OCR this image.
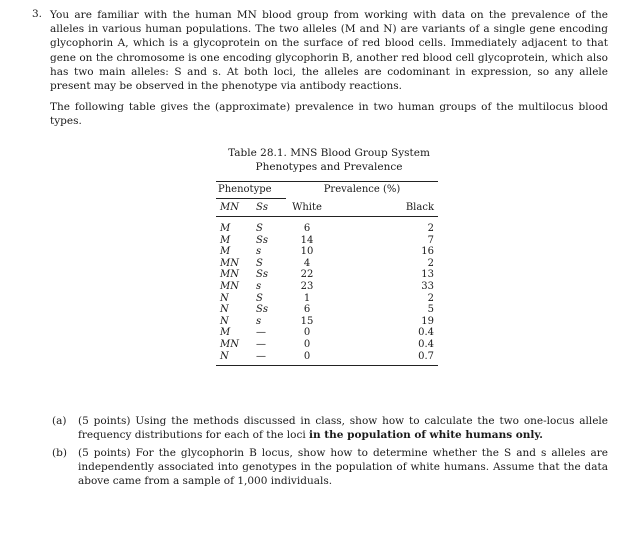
3. You are familiar with the human MN blood group from working with data on the prevalence of the alleles in various human populations. The two alleles (M and N) are variants of a single gene encoding glycophorin A, which is a glycoprotein on the surface of red blood cells. Immediately adjacent to that gene on the chromosome is one encoding glycophorin B, another red blood cell glycoprotein, which also has two main alleles: S and s. At both loci, the alleles are codominant in expression, so any allele present may be observed in the phenotype via antibody reactions.
The following table gives the (approximate) prevalence in two human groups of the multilocus blood types.
Table 28.1. MNS Blood Group System
Phenotypes and Prevalence
Phenotype		Prevalence (%)	
MN	Ss	White	Black
M	S	6	2
M	Ss	14	7
M	s	10	16
MN	S	4	2
MN	Ss	22	13
MN	s	23	33
N	S	1	2
N	Ss	6	5
N	s	15	19
M	—	0	0.4
MN	—	0	0.4
N	—	0	0.7
(a) (5 points) Using the methods discussed in class, show how to calculate the two one-locus allele frequency distributions for each of the loci in the population of white humans only.
(b) (5 points) For the glycophorin B locus, show how to determine whether the S and s alleles are independently associated into genotypes in the population of white humans. Assume that the data above came from a sample of 1,000 individuals.
